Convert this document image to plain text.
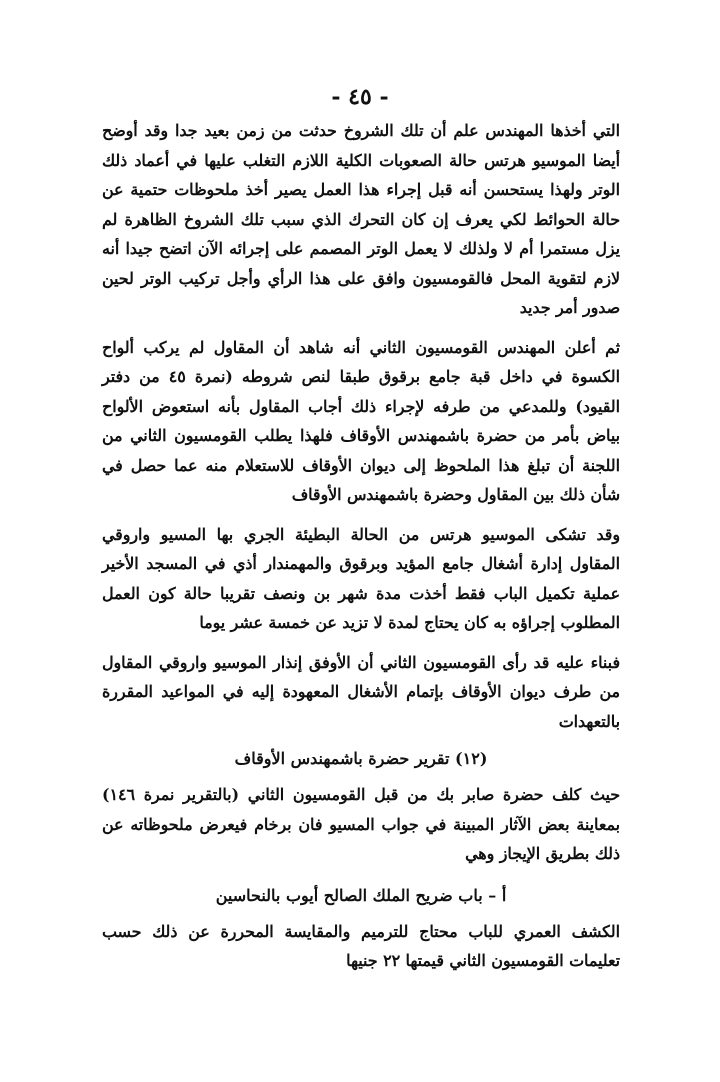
- ٤٥ -

التي أخذها المهندس علم أن تلك الشروخ حدثت من زمن بعيد جدا وقد أوضح أيضا الموسيو هرتس حالة الصعوبات الكلية اللازم التغلب عليها في أعماد ذلك الوتر ولهذا يستحسن أنه قبل إجراء هذا العمل يصير أخذ ملحوظات حتمية عن حالة الحوائط لكي يعرف إن كان التحرك الذي سبب تلك الشروخ الظاهرة لم يزل مستمرا أم لا ولذلك لا يعمل الوتر المصمم على إجرائه الآن اتضح جيدا أنه لازم لتقوية المحل فالقومسيون وافق على هذا الرأي وأجل تركيب الوتر لحين صدور أمر جديد

ثم أعلن المهندس القومسيون الثاني أنه شاهد أن المقاول لم يركب ألواح الكسوة في داخل قبة جامع برقوق طبقا لنص شروطه (نمرة ٤٥ من دفتر القيود) وللمدعي من طرفه لإجراء ذلك أجاب المقاول بأنه استعوض الألواح بياض بأمر من حضرة باشمهندس الأوقاف فلهذا يطلب القومسيون الثاني من اللجنة أن تبلغ هذا الملحوظ إلى ديوان الأوقاف للاستعلام منه عما حصل في شأن ذلك بين المقاول وحضرة باشمهندس الأوقاف

وقد تشكى الموسيو هرتس من الحالة البطيئة الجري بها المسيو واروقي المقاول إدارة أشغال جامع المؤيد وبرقوق والمهمندار أذي في المسجد الأخير عملية تكميل الباب فقط أخذت مدة شهر بن ونصف تقريبا حالة كون العمل المطلوب إجراؤه به كان يحتاج لمدة لا تزيد عن خمسة عشر يوما

فبناء عليه قد رأى القومسيون الثاني أن الأوفق إنذار الموسيو واروقي المقاول من طرف ديوان الأوقاف بإتمام الأشغال المعهودة إليه في المواعيد المقررة بالتعهدات

(١٢) تقرير حضرة باشمهندس الأوقاف

حيث كلف حضرة صابر بك من قبل القومسيون الثاني (بالتقرير نمرة ١٤٦) بمعاينة بعض الآثار المبينة في جواب المسيو فان برخام فيعرض ملحوظاته عن ذلك بطريق الإيجاز وهي

أ – باب ضريح الملك الصالح أيوب بالنحاسين

الكشف العمري للباب محتاج للترميم والمقايسة المحررة عن ذلك حسب تعليمات القومسيون الثاني قيمتها ٢٢ جنيها
